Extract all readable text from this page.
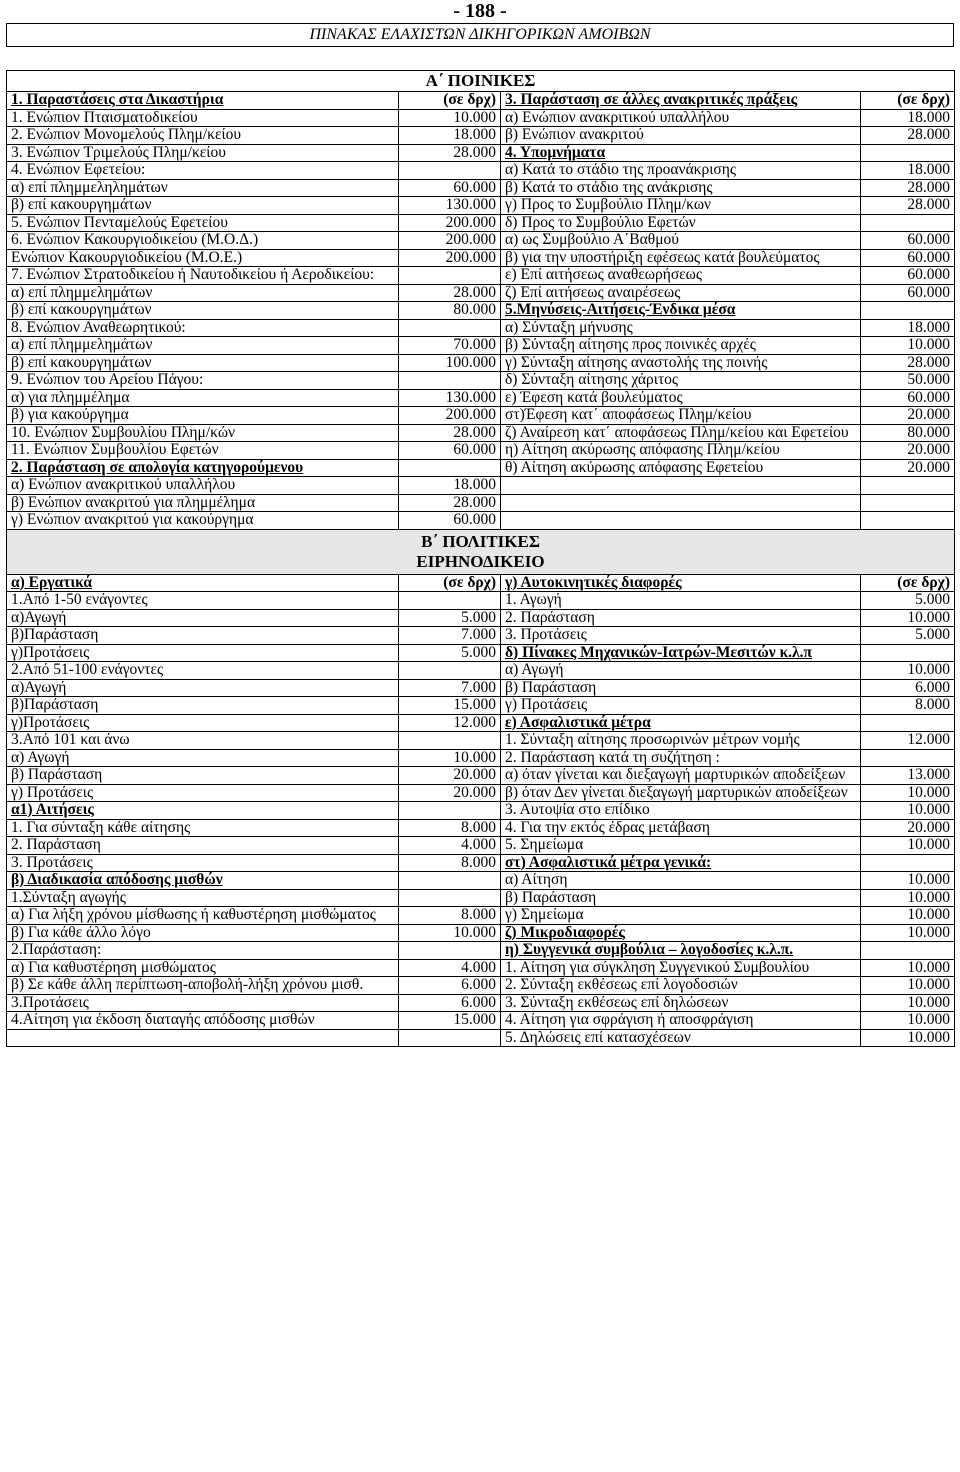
- 188 -
ΠΙΝΑΚΑΣ ΕΛΑΧΙΣΤΩΝ ΔΙΚΗΓΟΡΙΚΩΝ ΑΜΟΙΒΩΝ
Α΄ ΠΟΙΝΙΚΕΣ			
1. Παραστάσεις στα Δικαστήρια	(σε δρχ)	3. Παράσταση σε άλλες ανακριτικές πράξεις	(σε δρχ)
1. Ενώπιον Πταισματοδικείου	10.000	α) Ενώπιον ανακριτικού υπαλλήλου	18.000
2. Ενώπιον Μονομελούς Πλημ/κείου	18.000	β) Ενώπιον ανακριτού	28.000
3. Ενώπιον Τριμελούς Πλημ/κείου	28.000	4. Υπομνήματα	
4. Ενώπιον Εφετείου:		α) Κατά το στάδιο της προανάκρισης	18.000
α) επί πλημμεληλημάτων	60.000	β) Κατά το στάδιο της ανάκρισης	28.000
β) επί κακουργημάτων	130.000	γ) Προς το Συμβούλιο Πλημ/κων	28.000
5. Ενώπιον Πενταμελούς Εφετείου	200.000	δ) Προς το Συμβούλιο Εφετών	
6. Ενώπιον Κακουργιοδικείου (Μ.Ο.Δ.)	200.000	α) ως Συμβούλιο Α΄Βαθμού	60.000
Ενώπιον Κακουργιοδικείου (Μ.Ο.Ε.)	200.000	β) για την υποστήριξη εφέσεως κατά βουλεύματος	60.000
7. Ενώπιον Στρατοδικείου ή Ναυτοδικείου ή Αεροδικείου:		ε) Επί αιτήσεως αναθεωρήσεως	60.000
α) επί πλημμελημάτων	28.000	ζ) Επί αιτήσεως αναιρέσεως	60.000
β) επί κακουργημάτων	80.000	5.Μηνύσεις-Αιτήσεις-Ένδικα μέσα	
8. Ενώπιον Αναθεωρητικού:		α) Σύνταξη μήνυσης	18.000
α) επί πλημμελημάτων	70.000	β) Σύνταξη αίτησης προς ποινικές αρχές	10.000
β) επί κακουργημάτων	100.000	γ) Σύνταξη αίτησης αναστολής της ποινής	28.000
9. Ενώπιον του Αρείου Πάγου:		δ) Σύνταξη αίτησης χάριτος	50.000
α) για πλημμέλημα	130.000	ε) Έφεση κατά βουλεύματος	60.000
β) για κακούργημα	200.000	στ)Έφεση κατ΄ αποφάσεως Πλημ/κείου	20.000
10. Ενώπιον Συμβουλίου Πλημ/κών	28.000	ζ) Αναίρεση κατ΄ αποφάσεως Πλημ/κείου και Εφετείου	80.000
11. Ενώπιον Συμβουλίου Εφετών	60.000	η) Αίτηση ακύρωσης απόφασης Πλημ/κείου	20.000
2. Παράσταση σε απολογία κατηγορούμενου		θ) Αίτηση ακύρωσης απόφασης Εφετείου	20.000
α) Ενώπιον ανακριτικού υπαλλήλου	18.000		
β) Ενώπιον ανακριτού για πλημμέλημα	28.000		
γ) Ενώπιον ανακριτού για κακούργημα	60.000		

Β΄ ΠΟΛΙΤΙΚΕΣ
ΕΙΡΗΝΟΔΙΚΕΙΟ			

α) Εργατικά	(σε δρχ)	γ) Αυτοκινητικές διαφορές	(σε δρχ)
1.Από 1-50 ενάγοντες		1. Αγωγή	5.000
α)Αγωγή	5.000	2. Παράσταση	10.000
β)Παράσταση	7.000	3. Προτάσεις	5.000
γ)Προτάσεις	5.000	δ) Πίνακες Μηχανικών-Ιατρών-Μεσιτών κ.λ.π	
2.Από 51-100 ενάγοντες		α) Αγωγή	10.000
α)Αγωγή	7.000	β) Παράσταση	6.000
β)Παράσταση	15.000	γ) Προτάσεις	8.000
γ)Προτάσεις	12.000	ε) Ασφαλιστικά μέτρα	
3.Από 101 και άνω		1. Σύνταξη αίτησης προσωρινών μέτρων νομής	12.000
α) Αγωγή	10.000	2. Παράσταση κατά τη συζήτηση :	
β) Παράσταση	20.000	α) όταν γίνεται και διεξαγωγή μαρτυρικών αποδείξεων	13.000
γ) Προτάσεις	20.000	β) όταν Δεν γίνεται διεξαγωγή μαρτυρικών αποδείξεων	10.000
α1) Αιτήσεις		3. Αυτοψία στο επίδικο	10.000
1. Για σύνταξη κάθε αίτησης	8.000	4. Για την εκτός έδρας μετάβαση	20.000
2. Παράσταση	4.000	5. Σημείωμα	10.000
3. Προτάσεις	8.000	στ) Ασφαλιστικά μέτρα γενικά:	
β) Διαδικασία απόδοσης μισθών		α) Αίτηση	10.000
1.Σύνταξη αγωγής		β) Παράσταση	10.000
α) Για λήξη χρόνου μίσθωσης ή καθυστέρηση μισθώματος	8.000	γ) Σημείωμα	10.000
β) Για κάθε άλλο λόγο	10.000	ζ) Μικροδιαφορές	10.000
2.Παράσταση:		η) Συγγενικά συμβούλια – λογοδοσίες κ.λ.π.	
α) Για καθυστέρηση μισθώματος	4.000	1. Αίτηση για σύγκληση Συγγενικού Συμβουλίου	10.000
β) Σε κάθε άλλη περίπτωση-αποβολή-λήξη χρόνου μισθ.	6.000	2. Σύνταξη εκθέσεως επί λογοδοσιών	10.000
3.Προτάσεις	6.000	3. Σύνταξη εκθέσεως επί δηλώσεων	10.000
4.Αίτηση για έκδοση διαταγής απόδοσης μισθών	15.000	4. Αίτηση για σφράγιση ή αποσφράγιση	10.000
		5. Δηλώσεις επί κατασχέσεων	10.000
